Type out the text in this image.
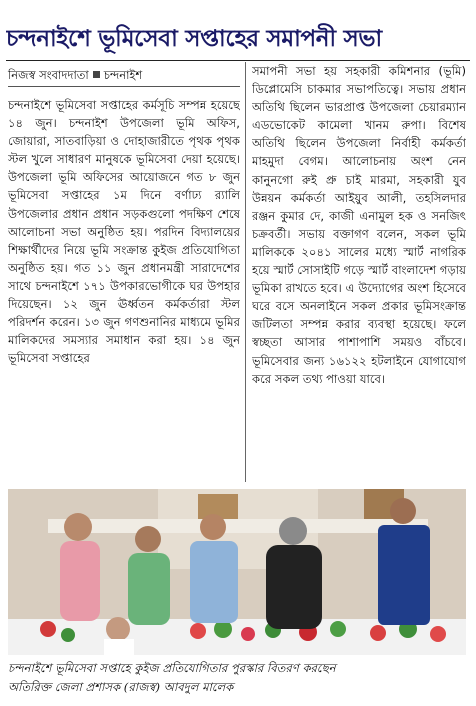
চন্দনাইশে ভূমিসেবা সপ্তাহের সমাপনী সভা
নিজস্ব সংবাদদাতা চন্দনাইশ

চন্দনাইশে ভূমিসেবা সপ্তাহের কর্মসূচি সম্পন্ন হয়েছে ১৪ জুন। চন্দনাইশ উপজেলা ভূমি অফিস, জোয়ারা, সাতবাড়িয়া ও দোহাজারীতে পৃথক পৃথক স্টল খুলে সাধারণ মানুষকে ভূমিসেবা দেয়া হয়েছে। উপজেলা ভূমি অফিসের আয়োজনে গত ৮ জুন ভূমিসেবা সপ্তাহের ১ম দিনে বর্ণাঢ্য র‌্যালি উপজেলার প্রধান প্রধান সড়কগুলো পদক্ষিণ শেষে আলোচনা সভা অনুষ্ঠিত হয়। পরদিন বিদ্যালয়ের শিক্ষার্থীদের নিয়ে ভূমি সংক্রান্ত কুইজ প্রতিযোগিতা অনুষ্ঠিত হয়। গত ১১ জুন প্রধানমন্ত্রী সারাদেশের সাথে চন্দনাইশে ১৭১ উপকারভোগীকে ঘর উপহার দিয়েছেন। ১২ জুন ঊর্ধ্বতন কর্মকর্তারা স্টল পরিদর্শন করেন। ১৩ জুন গণশুনানির মাধ্যমে ভূমির মালিকদের সমস্যার সমাধান করা হয়। ১৪ জুন ভূমিসেবা সপ্তাহের

সমাপনী সভা হয় সহকারী কমিশনার (ভূমি) ডিপ্লোমেসি চাকমার সভাপতিত্বে। সভায় প্রধান অতিথি ছিলেন ভারপ্রাপ্ত উপজেলা চেয়ারম্যান এডভোকেট কামেলা খানম রুপা। বিশেষ অতিথি ছিলেন উপজেলা নির্বাহী কর্মকর্তা মাহমুদা বেগম। আলোচনায় অংশ নেন কানুনগো রুই প্রু চাই মারমা, সহকারী যুব উন্নয়ন কর্মকর্তা আইয়ুব আলী, তহসিলদার রঞ্জন কুমার দে, কাজী এনামুল হক ও সনজিৎ চক্রবর্তী। সভায় বক্তাগণ বলেন, সকল ভূমি মালিককে ২০৪১ সালের মধ্যে স্মার্ট নাগরিক হয়ে স্মার্ট সোসাইটি গড়ে স্মার্ট বাংলাদেশ গড়ায় ভূমিকা রাখতে হবে। এ উদ্যোগের অংশ হিসেবে ঘরে বসে অনলাইনে সকল প্রকার ভূমিসংক্রান্ত জটিলতা সম্পন্ন করার ব্যবস্থা হয়েছে। ফলে স্বচ্ছতা আসার পাশাপাশি সময়ও বাঁচবে। ভূমিসেবার জন্য ১৬১২২ হটলাইনে যোগাযোগ করে সকল তথ্য পাওয়া যাবে।

চন্দনাইশে ভূমিসেবা সপ্তাহে কুইজ প্রতিযোগিতার পুরস্কার বিতরণ করছেন
অতিরিক্ত জেলা প্রশাসক (রাজস্ব) আবদুল মালেক
